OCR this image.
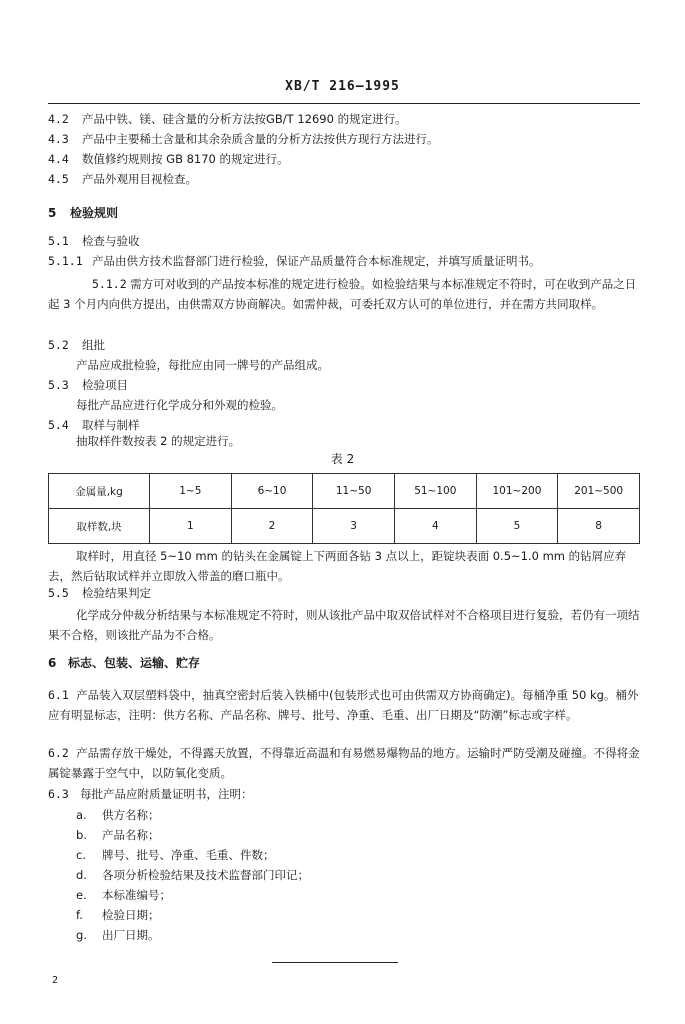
XB/T 216—1995
4.2 产品中铁、镁、硅含量的分析方法按GB/T 12690 的规定进行。
4.3 产品中主要稀土含量和其余杂质含量的分析方法按供方现行方法进行。
4.4 数值修约规则按 GB 8170 的规定进行。
4.5 产品外观用目视检查。
5 检验规则
5.1 检查与验收
5.1.1 产品由供方技术监督部门进行检验，保证产品质量符合本标准规定，并填写质量证明书。
5.1.2 需方可对收到的产品按本标准的规定进行检验。如检验结果与本标准规定不符时，可在收到产品之日起 3 个月内向供方提出，由供需双方协商解决。如需仲裁，可委托双方认可的单位进行，并在需方共同取样。
5.2 组批
产品应成批检验，每批应由同一牌号的产品组成。
5.3 检验项目
每批产品应进行化学成分和外观的检验。
5.4 取样与制样
抽取样件数按表 2 的规定进行。
表 2
金属量,kg	1~5	6~10	11~50	51~100	101~200	201~500
取样数,块	1	2	3	4	5	8
取样时，用直径 5~10 mm 的钻头在金属锭上下两面各钻 3 点以上，距锭块表面 0.5~1.0 mm 的钻屑应弃去，然后钻取试样并立即放入带盖的磨口瓶中。
5.5 检验结果判定
化学成分仲裁分析结果与本标准规定不符时，则从该批产品中取双倍试样对不合格项目进行复验，若仍有一项结果不合格，则该批产品为不合格。
6 标志、包装、运输、贮存
6.1 产品装入双层塑料袋中，抽真空密封后装入铁桶中(包装形式也可由供需双方协商确定)。每桶净重 50 kg。桶外应有明显标志，注明：供方名称、产品名称、牌号、批号、净重、毛重、出厂日期及“防潮”标志或字样。
6.2 产品需存放干燥处，不得露天放置，不得靠近高温和有易燃易爆物品的地方。运输时严防受潮及碰撞。不得将金属锭暴露于空气中，以防氧化变质。
6.3 每批产品应附质量证明书，注明：
a. 供方名称；
b. 产品名称；
c. 牌号、批号、净重、毛重、件数；
d. 各项分析检验结果及技术监督部门印记；
e. 本标准编号；
f. 检验日期；
g. 出厂日期。
2
